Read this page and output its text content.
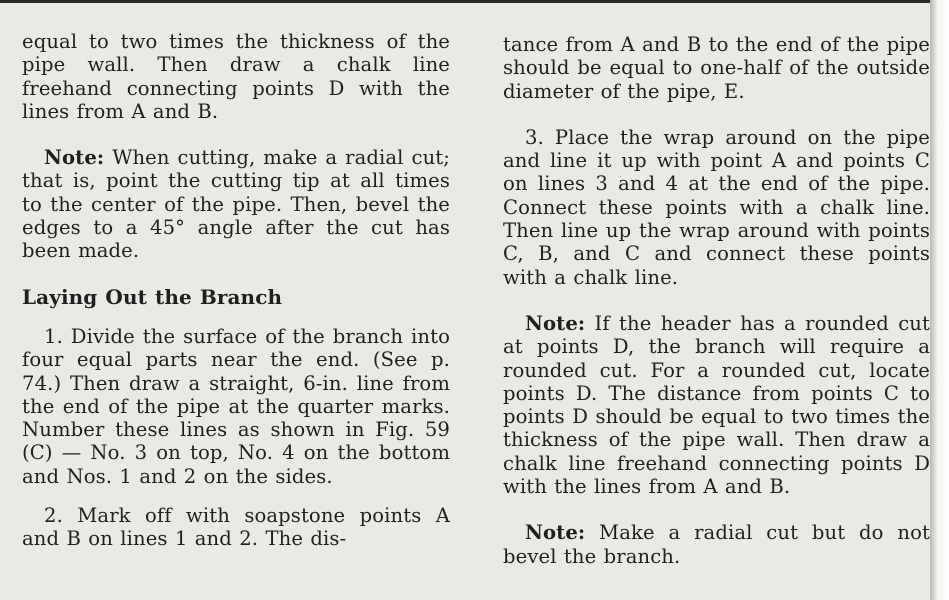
equal to two times the thickness of the pipe wall. Then draw a chalk line freehand connecting points D with the lines from A and B.

Note: When cutting, make a radial cut; that is, point the cutting tip at all times to the center of the pipe. Then, bevel the edges to a 45° angle after the cut has been made.

Laying Out the Branch

1. Divide the surface of the branch into four equal parts near the end. (See p. 74.) Then draw a straight, 6-in. line from the end of the pipe at the quarter marks. Number these lines as shown in Fig. 59 (C) — No. 3 on top, No. 4 on the bottom and Nos. 1 and 2 on the sides.

2. Mark off with soapstone points A and B on lines 1 and 2. The dis-

tance from A and B to the end of the pipe should be equal to one-half of the outside diameter of the pipe, E.

3. Place the wrap around on the pipe and line it up with point A and points C on lines 3 and 4 at the end of the pipe. Connect these points with a chalk line. Then line up the wrap around with points C, B, and C and connect these points with a chalk line.

Note: If the header has a rounded cut at points D, the branch will require a rounded cut. For a rounded cut, locate points D. The distance from points C to points D should be equal to two times the thickness of the pipe wall. Then draw a chalk line freehand connecting points D with the lines from A and B.

Note: Make a radial cut but do not bevel the branch.
